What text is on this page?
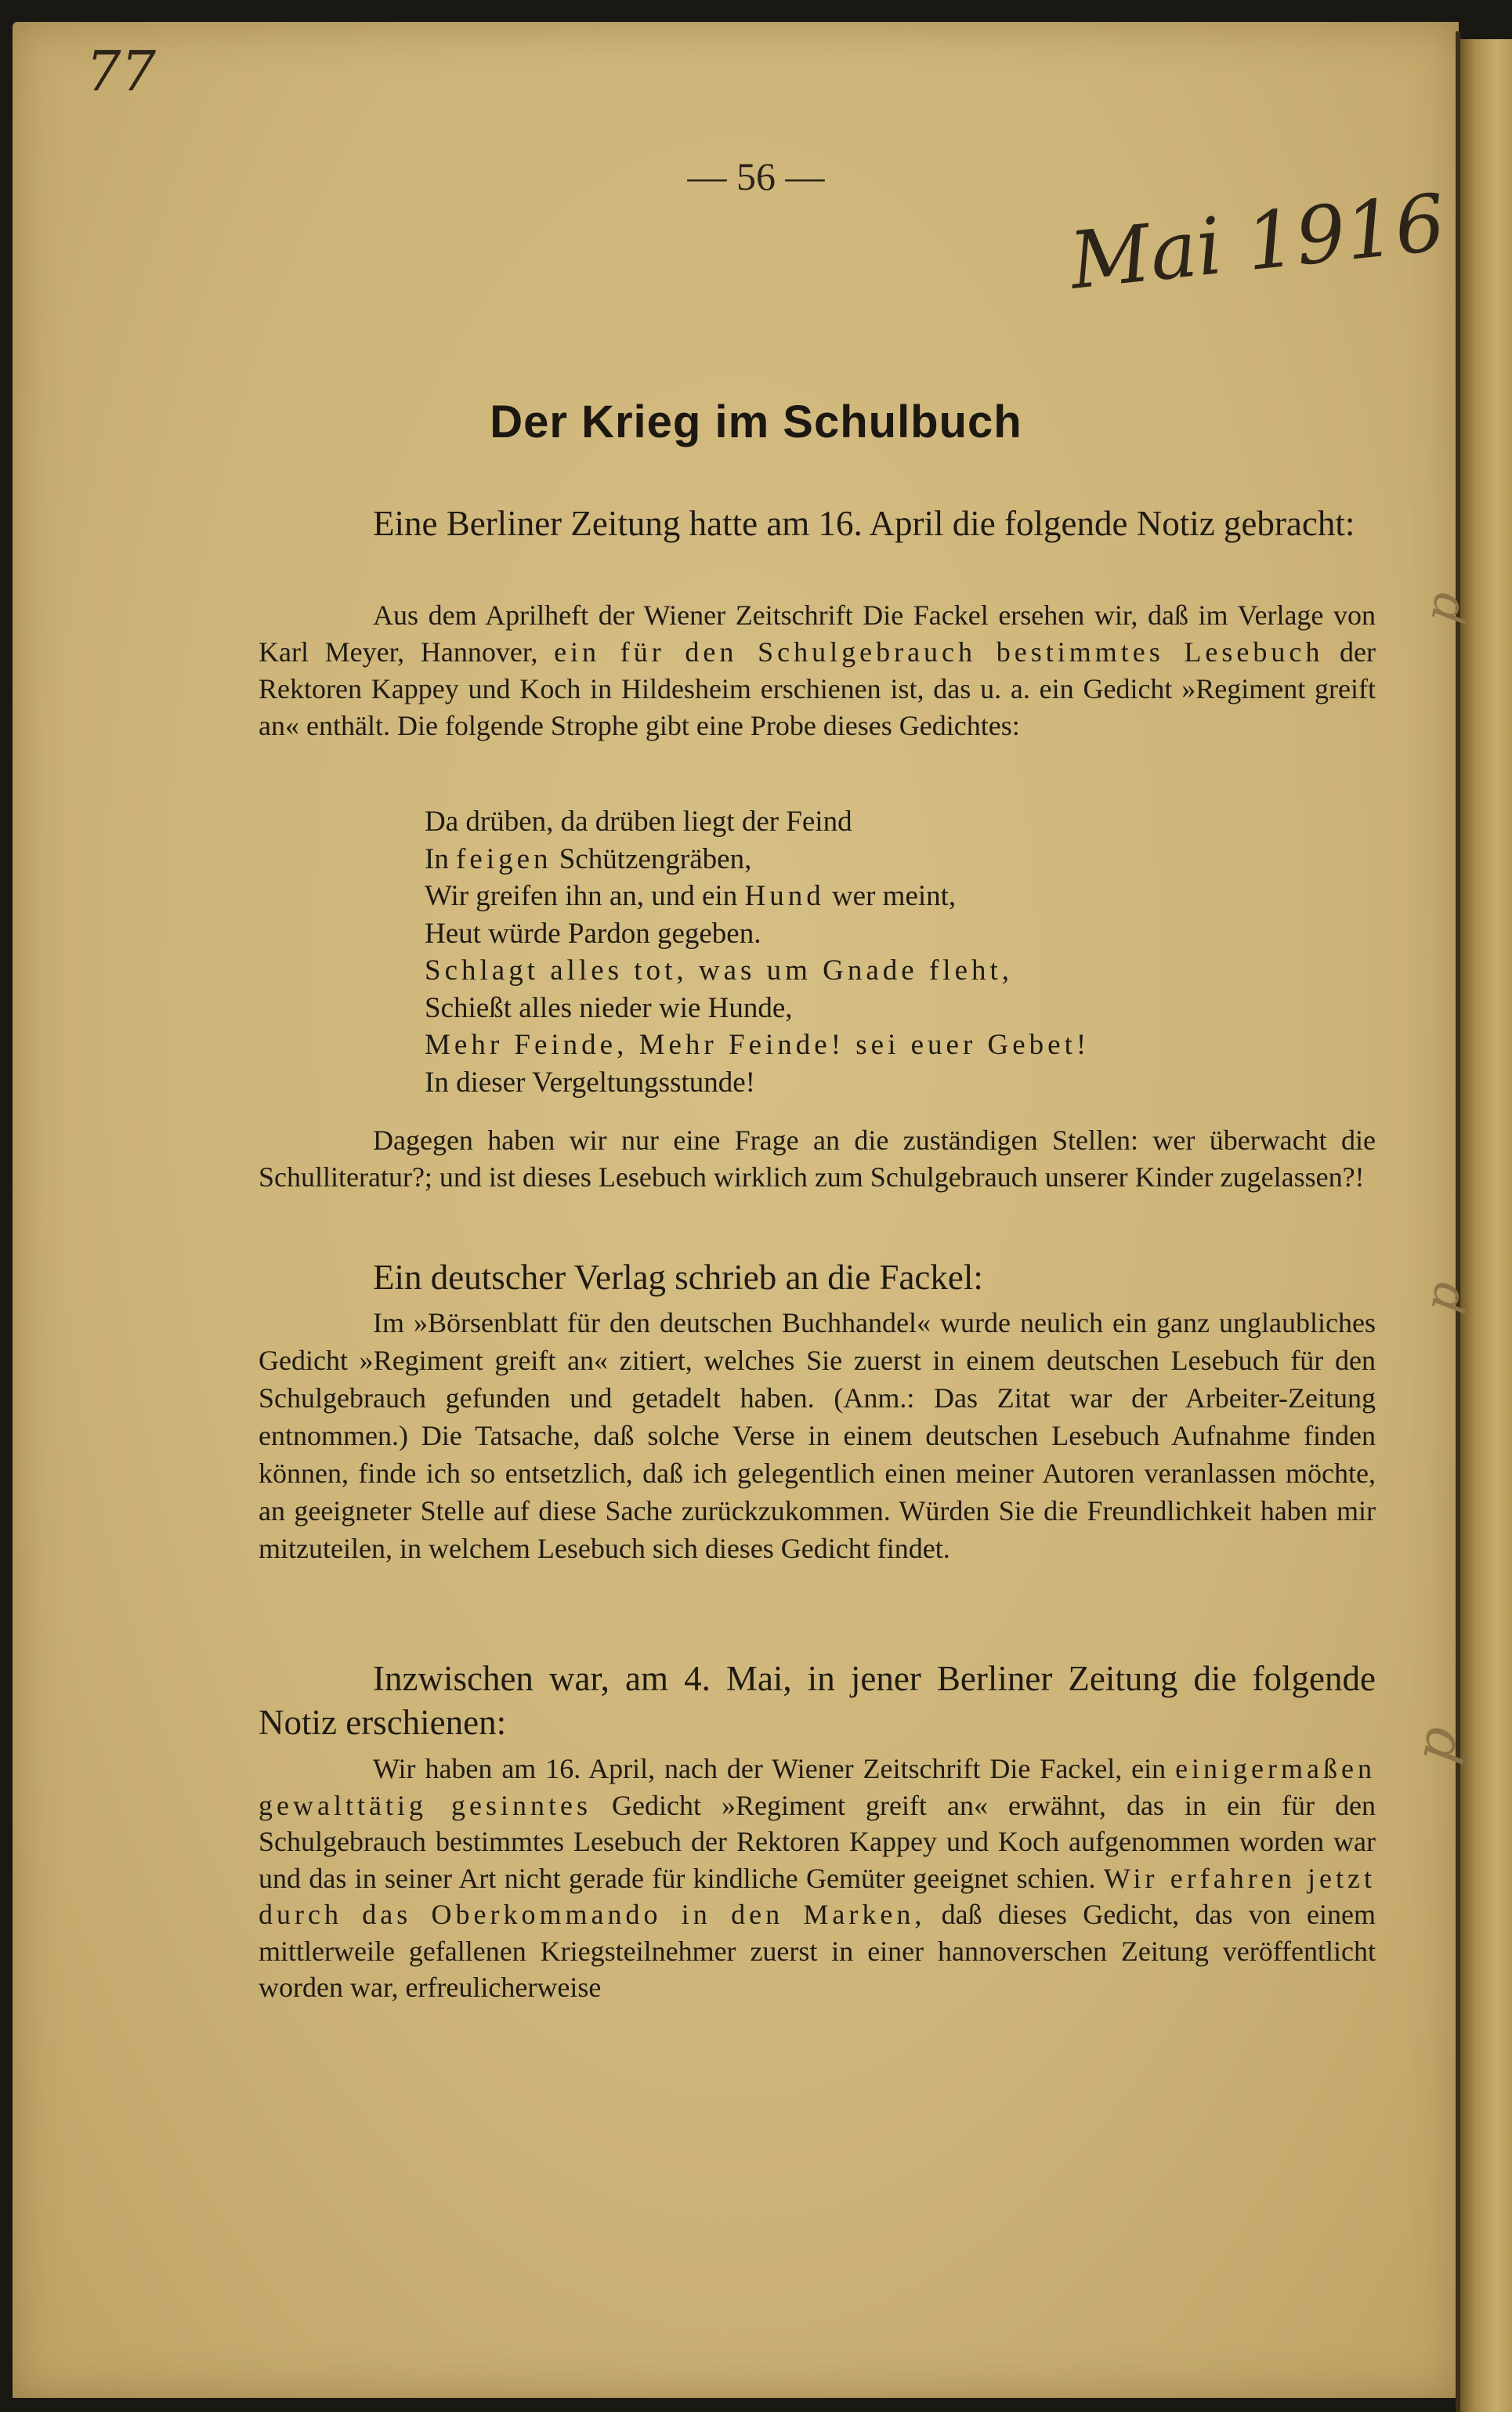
77
Mai 1916
p
p
p
— 56 —
Der Krieg im Schulbuch
Eine Berliner Zeitung hatte am 16. April die folgende Notiz gebracht:

Aus dem Aprilheft der Wiener Zeitschrift Die Fackel ersehen wir, daß im Verlage von Karl Meyer, Hannover, ein für den Schulgebrauch bestimmtes Lesebuch der Rektoren Kappey und Koch in Hildesheim erschienen ist, das u. a. ein Gedicht »Regiment greift an« enthält. Die folgende Strophe gibt eine Probe dieses Gedichtes:

Da drüben, da drüben liegt der Feind
In feigen Schützengräben,
Wir greifen ihn an, und ein Hund wer meint,
Heut würde Pardon gegeben.
Schlagt alles tot, was um Gnade fleht,
Schießt alles nieder wie Hunde,
Mehr Feinde, Mehr Feinde! sei euer Gebet!
In dieser Vergeltungsstunde!

Dagegen haben wir nur eine Frage an die zuständigen Stellen: wer überwacht die Schulliteratur?; und ist dieses Lesebuch wirklich zum Schulgebrauch unserer Kinder zugelassen?!

Ein deutscher Verlag schrieb an die Fackel:

Im »Börsenblatt für den deutschen Buchhandel« wurde neulich ein ganz unglaubliches Gedicht »Regiment greift an« zitiert, welches Sie zuerst in einem deutschen Lesebuch für den Schulgebrauch gefunden und getadelt haben. (Anm.: Das Zitat war der Arbeiter-Zeitung entnommen.) Die Tatsache, daß solche Verse in einem deutschen Lesebuch Aufnahme finden können, finde ich so entsetzlich, daß ich gelegentlich einen meiner Autoren veranlassen möchte, an geeigneter Stelle auf diese Sache zurückzukommen. Würden Sie die Freundlichkeit haben mir mitzuteilen, in welchem Lesebuch sich dieses Gedicht findet.

Inzwischen war, am 4. Mai, in jener Berliner Zeitung die folgende Notiz erschienen:

Wir haben am 16. April, nach der Wiener Zeitschrift Die Fackel, ein einigermaßen gewalttätig gesinntes Gedicht »Regiment greift an« erwähnt, das in ein für den Schulgebrauch bestimmtes Lesebuch der Rektoren Kappey und Koch aufgenommen worden war und das in seiner Art nicht gerade für kindliche Gemüter geeignet schien. Wir erfahren jetzt durch das Oberkommando in den Marken, daß dieses Gedicht, das von einem mittlerweile gefallenen Kriegsteilnehmer zuerst in einer hannoverschen Zeitung veröffentlicht worden war, erfreulicherweise
